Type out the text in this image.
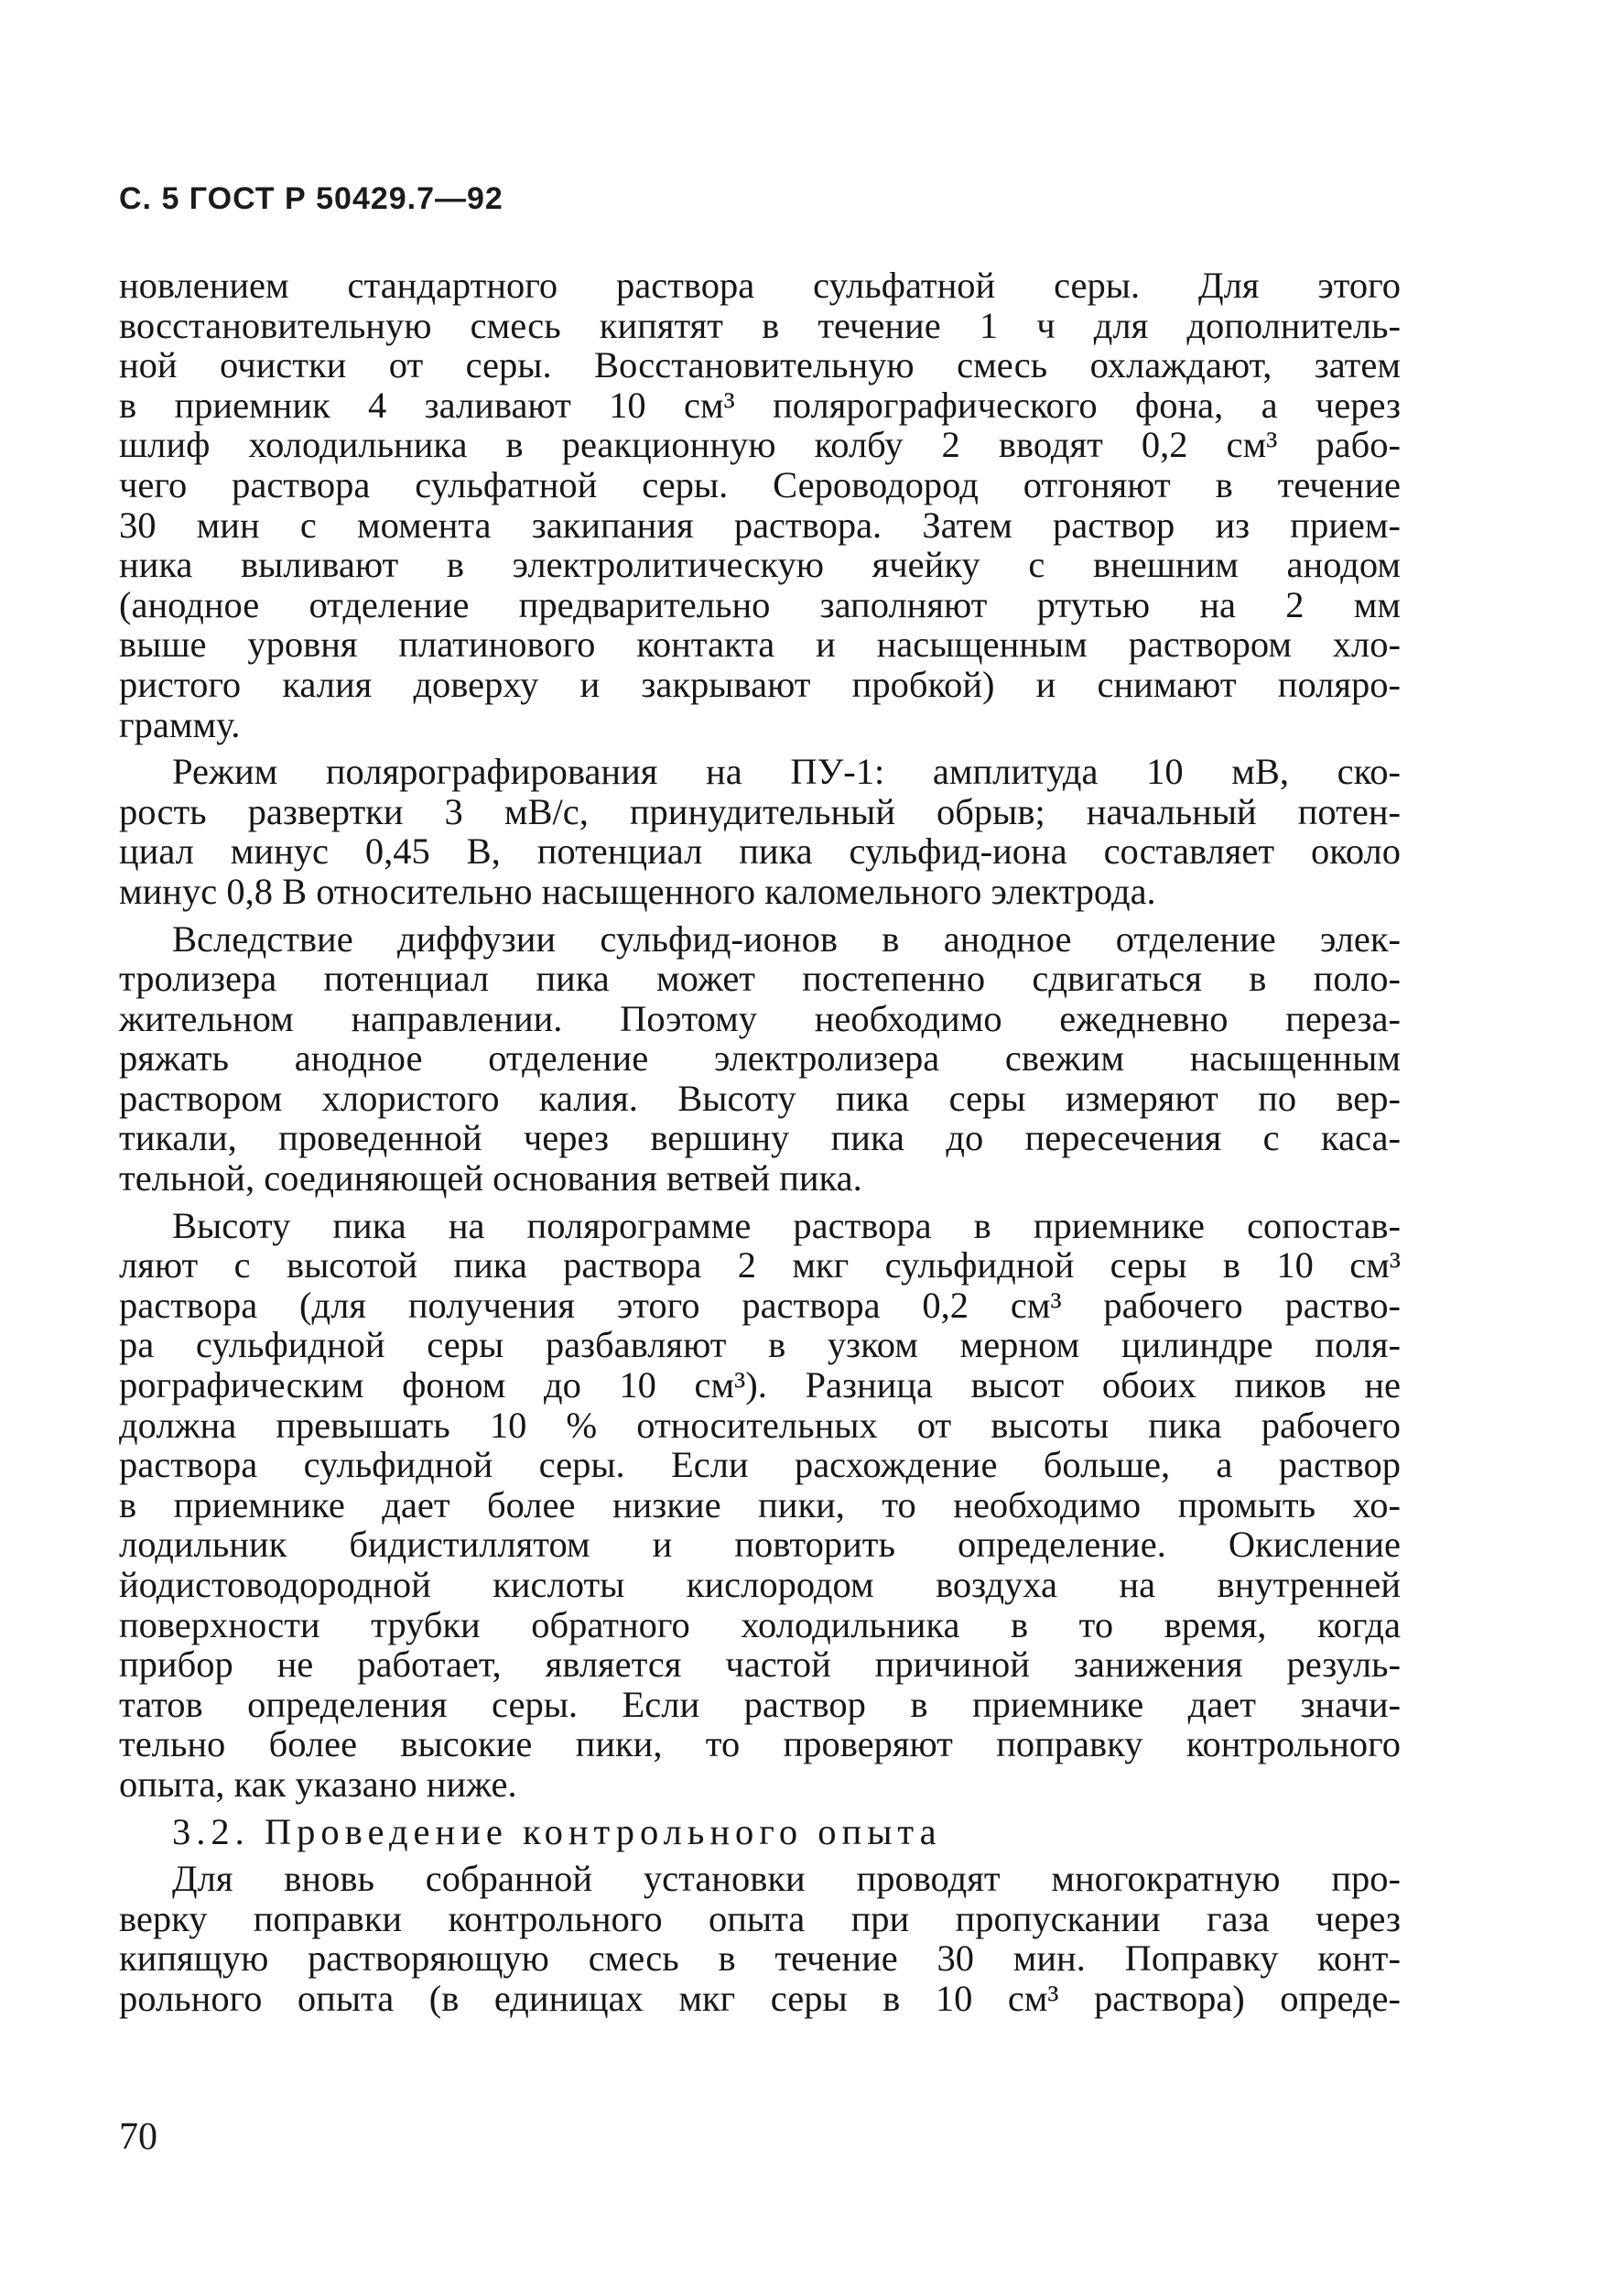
С. 5 ГОСТ Р 50429.7—92
новлением стандартного раствора сульфатной серы. Для этого
восстановительную смесь кипятят в течение 1 ч для дополнитель-
ной очистки от серы. Восстановительную смесь охлаждают, затем
в приемник 4 заливают 10 см³ полярографического фона, а через
шлиф холодильника в реакционную колбу 2 вводят 0,2 см³ рабо-
чего раствора сульфатной серы. Сероводород отгоняют в течение
30 мин с момента закипания раствора. Затем раствор из прием-
ника выливают в электролитическую ячейку с внешним анодом
(анодное отделение предварительно заполняют ртутью на 2 мм
выше уровня платинового контакта и насыщенным раствором хло-
ристого калия доверху и закрывают пробкой) и снимают поляро-
грамму.
Режим полярографирования на ПУ-1: амплитуда 10 мВ, ско-
рость развертки 3 мВ/с, принудительный обрыв; начальный потен-
циал минус 0,45 В, потенциал пика сульфид-иона составляет около
минус 0,8 В относительно насыщенного каломельного электрода.
Вследствие диффузии сульфид-ионов в анодное отделение элек-
тролизера потенциал пика может постепенно сдвигаться в поло-
жительном направлении. Поэтому необходимо ежедневно переза-
ряжать анодное отделение электролизера свежим насыщенным
раствором хлористого калия. Высоту пика серы измеряют по вер-
тикали, проведенной через вершину пика до пересечения с каса-
тельной, соединяющей основания ветвей пика.
Высоту пика на полярограмме раствора в приемнике сопостав-
ляют с высотой пика раствора 2 мкг сульфидной серы в 10 см³
раствора (для получения этого раствора 0,2 см³ рабочего раство-
ра сульфидной серы разбавляют в узком мерном цилиндре поля-
рографическим фоном до 10 см³). Разница высот обоих пиков не
должна превышать 10 % относительных от высоты пика рабочего
раствора сульфидной серы. Если расхождение больше, а раствор
в приемнике дает более низкие пики, то необходимо промыть хо-
лодильник бидистиллятом и повторить определение. Окисление
йодистоводородной кислоты кислородом воздуха на внутренней
поверхности трубки обратного холодильника в то время, когда
прибор не работает, является частой причиной занижения резуль-
татов определения серы. Если раствор в приемнике дает значи-
тельно более высокие пики, то проверяют поправку контрольного
опыта, как указано ниже.
3.2. Проведение контрольного опыта
Для вновь собранной установки проводят многократную про-
верку поправки контрольного опыта при пропускании газа через
кипящую растворяющую смесь в течение 30 мин. Поправку конт-
рольного опыта (в единицах мкг серы в 10 см³ раствора) опреде-
70
